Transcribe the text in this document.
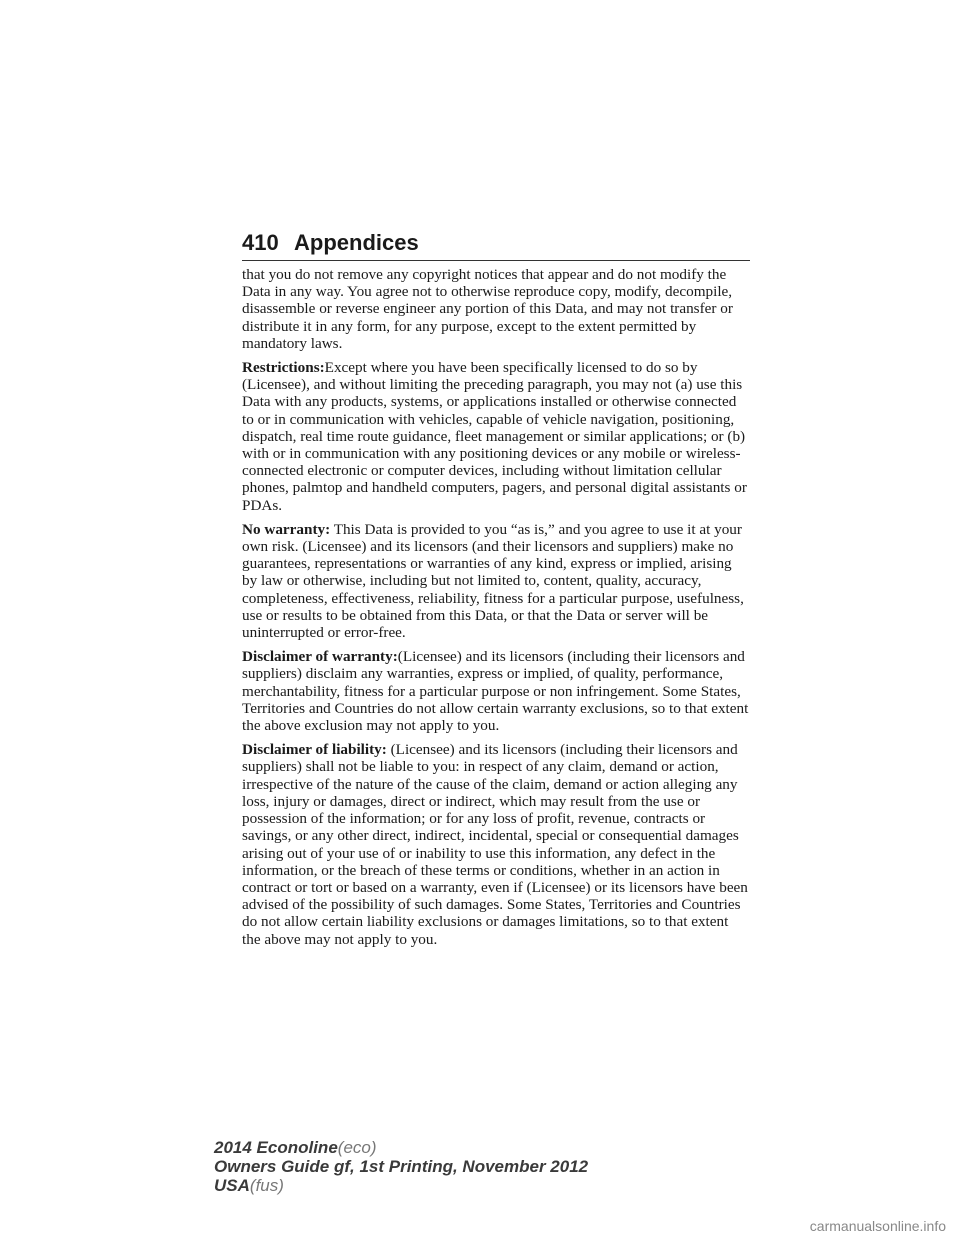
410 Appendices

that you do not remove any copyright notices that appear and do not modify the Data in any way. You agree not to otherwise reproduce copy, modify, decompile, disassemble or reverse engineer any portion of this Data, and may not transfer or distribute it in any form, for any purpose, except to the extent permitted by mandatory laws.

Restrictions:Except where you have been specifically licensed to do so by (Licensee), and without limiting the preceding paragraph, you may not (a) use this Data with any products, systems, or applications installed or otherwise connected to or in communication with vehicles, capable of vehicle navigation, positioning, dispatch, real time route guidance, fleet management or similar applications; or (b) with or in communication with any positioning devices or any mobile or wireless-connected electronic or computer devices, including without limitation cellular phones, palmtop and handheld computers, pagers, and personal digital assistants or PDAs.

No warranty: This Data is provided to you “as is,” and you agree to use it at your own risk. (Licensee) and its licensors (and their licensors and suppliers) make no guarantees, representations or warranties of any kind, express or implied, arising by law or otherwise, including but not limited to, content, quality, accuracy, completeness, effectiveness, reliability, fitness for a particular purpose, usefulness, use or results to be obtained from this Data, or that the Data or server will be uninterrupted or error-free.

Disclaimer of warranty:(Licensee) and its licensors (including their licensors and suppliers) disclaim any warranties, express or implied, of quality, performance, merchantability, fitness for a particular purpose or non infringement. Some States, Territories and Countries do not allow certain warranty exclusions, so to that extent the above exclusion may not apply to you.

Disclaimer of liability: (Licensee) and its licensors (including their licensors and suppliers) shall not be liable to you: in respect of any claim, demand or action, irrespective of the nature of the cause of the claim, demand or action alleging any loss, injury or damages, direct or indirect, which may result from the use or possession of the information; or for any loss of profit, revenue, contracts or savings, or any other direct, indirect, incidental, special or consequential damages arising out of your use of or inability to use this information, any defect in the information, or the breach of these terms or conditions, whether in an action in contract or tort or based on a warranty, even if (Licensee) or its licensors have been advised of the possibility of such damages. Some States, Territories and Countries do not allow certain liability exclusions or damages limitations, so to that extent the above may not apply to you.

2014 Econoline(eco)
Owners Guide gf, 1st Printing, November 2012
USA(fus)
carmanualsonline.info
